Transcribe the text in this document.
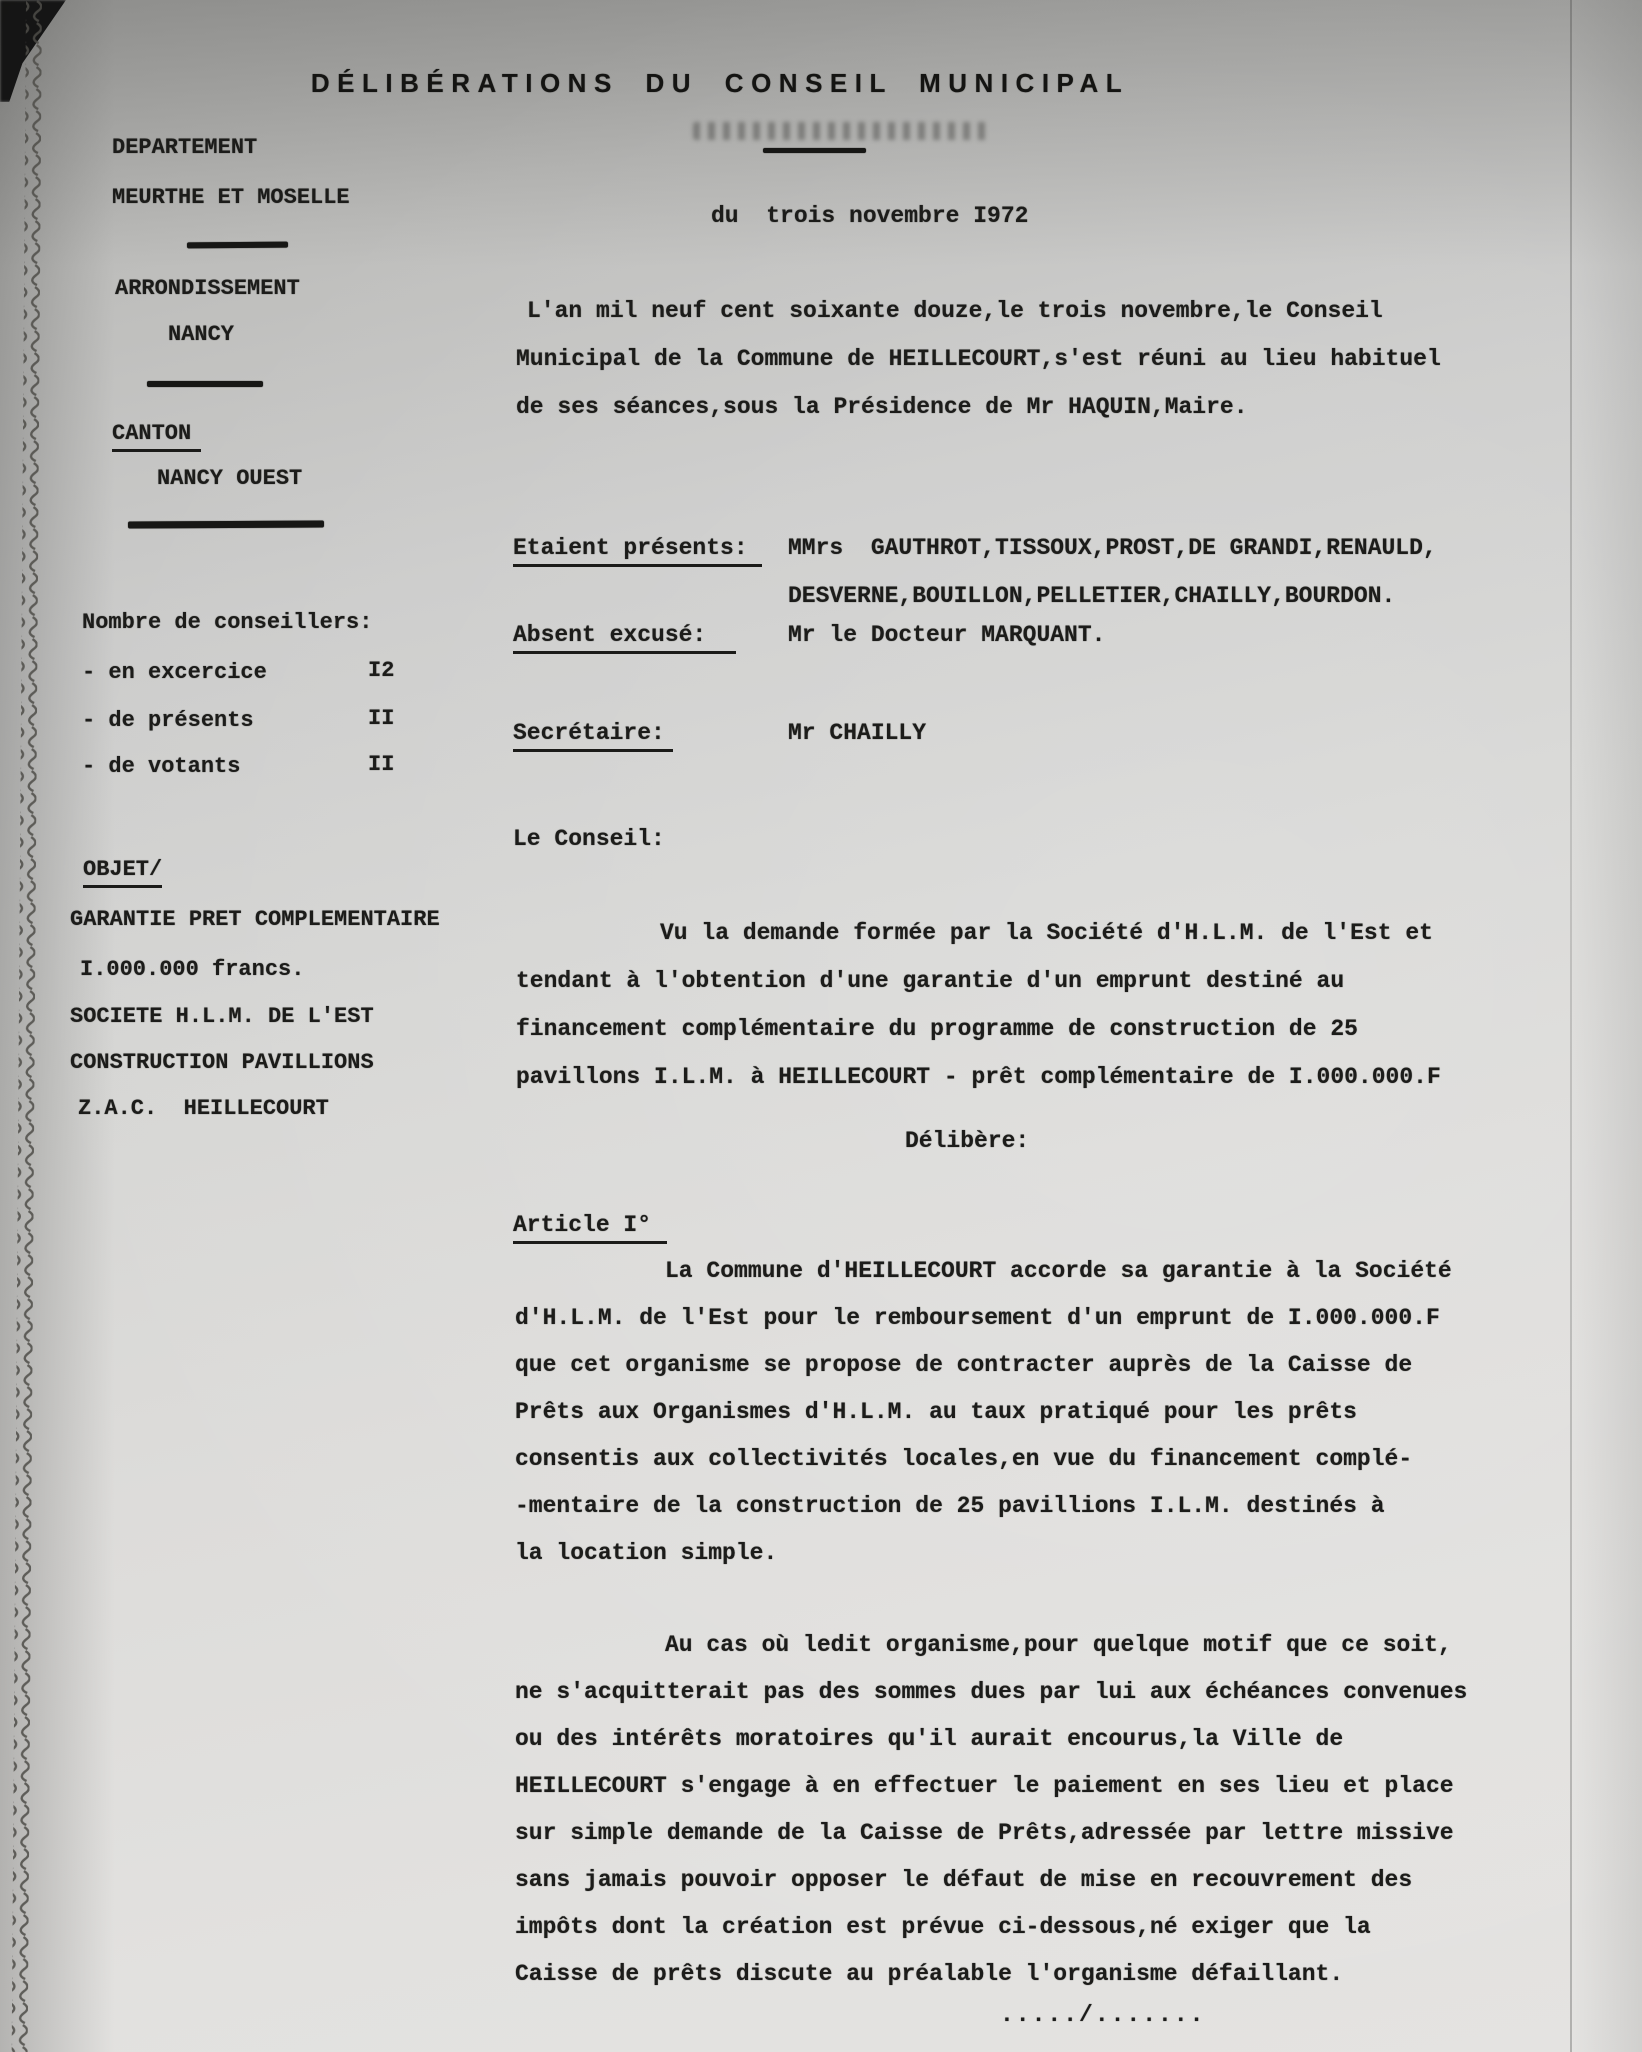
DÉLIBÉRATIONS DU CONSEIL MUNICIPAL
du  trois novembre I972
DEPARTEMENT
MEURTHE ET MOSELLE
ARRONDISSEMENT
NANCY
CANTON
NANCY OUEST
Nombre de conseillers:
- en excercice	I2
- de présents	II
- de votants	II
OBJET/
GARANTIE PRET COMPLEMENTAIRE
I.000.000 francs.
SOCIETE H.L.M. DE L'EST
CONSTRUCTION PAVILLIONS
Z.A.C.  HEILLECOURT
L'an mil neuf cent soixante douze,le trois novembre,le Conseil
Municipal de la Commune de HEILLECOURT,s'est réuni au lieu habituel
de ses séances,sous la Présidence de Mr HAQUIN,Maire.
Etaient présents:	MMrs  GAUTHROT,TISSOUX,PROST,DE GRANDI,RENAULD,
DESVERNE,BOUILLON,PELLETIER,CHAILLY,BOURDON.
Absent excusé:	Mr le Docteur MARQUANT.
Secrétaire:	Mr CHAILLY
Le Conseil:
Vu la demande formée par la Société d'H.L.M. de l'Est et
tendant à l'obtention d'une garantie d'un emprunt destiné au
financement complémentaire du programme de construction de 25
pavillons I.L.M. à HEILLECOURT - prêt complémentaire de I.000.000.F
Délibère:
Article I°
La Commune d'HEILLECOURT accorde sa garantie à la Société
d'H.L.M. de l'Est pour le remboursement d'un emprunt de I.000.000.F
que cet organisme se propose de contracter auprès de la Caisse de
Prêts aux Organismes d'H.L.M. au taux pratiqué pour les prêts
consentis aux collectivités locales,en vue du financement complé-
-mentaire de la construction de 25 pavillions I.L.M. destinés à
la location simple.
Au cas où ledit organisme,pour quelque motif que ce soit,
ne s'acquitterait pas des sommes dues par lui aux échéances convenues
ou des intérêts moratoires qu'il aurait encourus,la Ville de
HEILLECOURT s'engage à en effectuer le paiement en ses lieu et place
sur simple demande de la Caisse de Prêts,adressée par lettre missive
sans jamais pouvoir opposer le défaut de mise en recouvrement des
impôts dont la création est prévue ci-dessous,né exiger que la
Caisse de prêts discute au préalable l'organisme défaillant.
...../.......
